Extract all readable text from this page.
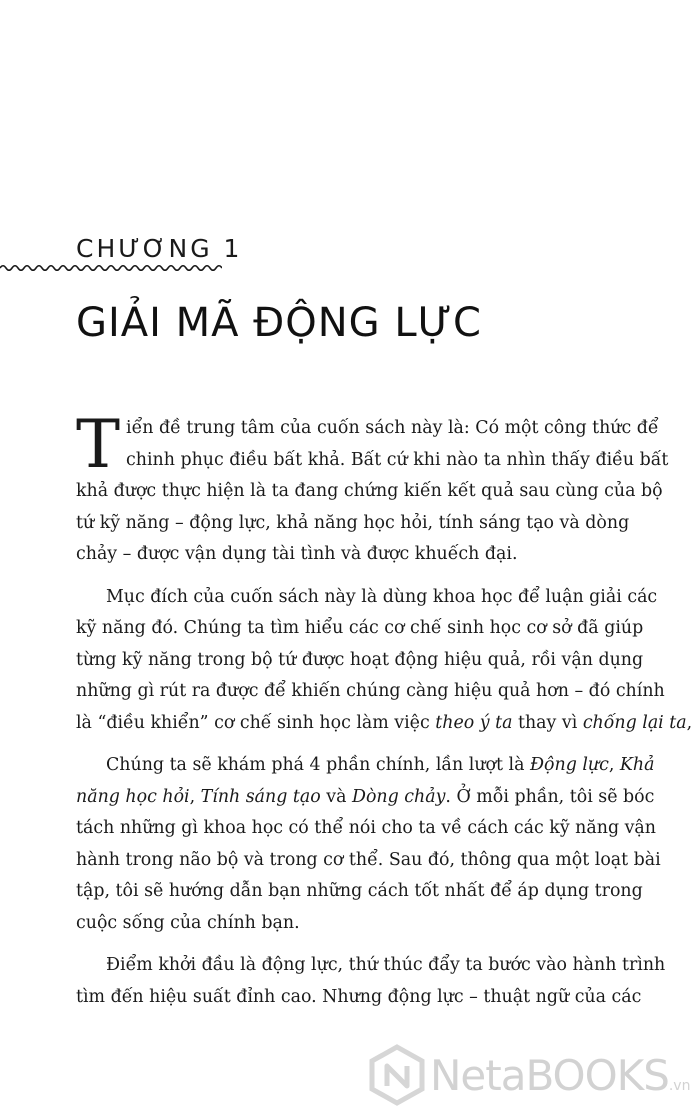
CHƯƠNG 1
GIẢI MÃ ĐỘNG LỰC
T iển đề trung tâm của cuốn sách này là: Có một công thức để
chinh phục điều bất khả. Bất cứ khi nào ta nhìn thấy điều bất
khả được thực hiện là ta đang chứng kiến kết quả sau cùng của bộ
tứ kỹ năng – động lực, khả năng học hỏi, tính sáng tạo và dòng
chảy – được vận dụng tài tình và được khuếch đại.
Mục đích của cuốn sách này là dùng khoa học để luận giải các
kỹ năng đó. Chúng ta tìm hiểu các cơ chế sinh học cơ sở đã giúp
từng kỹ năng trong bộ tứ được hoạt động hiệu quả, rồi vận dụng
những gì rút ra được để khiến chúng càng hiệu quả hơn – đó chính
là “điều khiển” cơ chế sinh học làm việc theo ý ta thay vì chống lại ta,
Chúng ta sẽ khám phá 4 phần chính, lần lượt là Động lực, Khả
năng học hỏi, Tính sáng tạo và Dòng chảy. Ở mỗi phần, tôi sẽ bóc
tách những gì khoa học có thể nói cho ta về cách các kỹ năng vận
hành trong não bộ và trong cơ thể. Sau đó, thông qua một loạt bài
tập, tôi sẽ hướng dẫn bạn những cách tốt nhất để áp dụng trong
cuộc sống của chính bạn.
Điểm khởi đầu là động lực, thứ thúc đẩy ta bước vào hành trình
tìm đến hiệu suất đỉnh cao. Nhưng động lực – thuật ngữ của các
NetaBOOKS .vn
